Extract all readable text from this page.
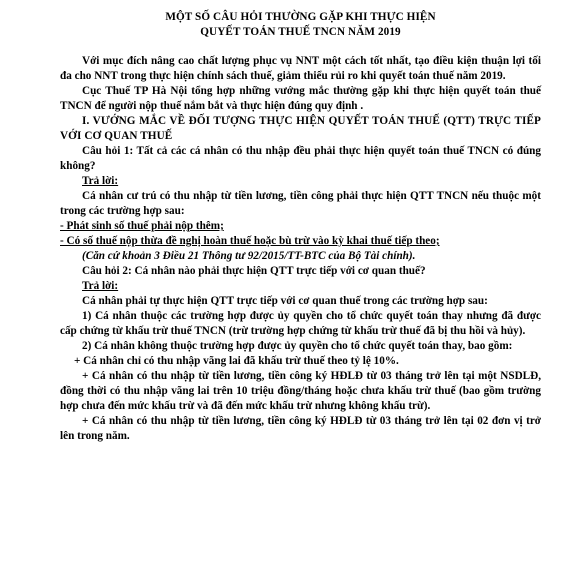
MỘT SỐ CÂU HỎI THƯỜNG GẶP KHI THỰC HIỆN
QUYẾT TOÁN THUẾ TNCN NĂM 2019

Với mục đích nâng cao chất lượng phục vụ NNT một cách tốt nhất, tạo điều kiện thuận lợi tối đa cho NNT trong thực hiện chính sách thuế, giảm thiểu rủi ro khi quyết toán thuế năm 2019.

Cục Thuế TP Hà Nội tổng hợp những vướng mắc thường gặp khi thực hiện quyết toán thuế TNCN để người nộp thuế nắm bắt và thực hiện đúng quy định .

I. VƯỚNG MẮC VỀ ĐỐI TƯỢNG THỰC HIỆN QUYẾT TOÁN THUẾ (QTT) TRỰC TIẾP VỚI CƠ QUAN THUẾ

Câu hỏi 1: Tất cả các cá nhân có thu nhập đều phải thực hiện quyết toán thuế TNCN có đúng không?

Trả lời:

Cá nhân cư trú có thu nhập từ tiền lương, tiền công phải thực hiện QTT TNCN nếu thuộc một trong các trường hợp sau:

- Phát sinh số thuế phải nộp thêm;

- Có số thuế nộp thừa đề nghị hoàn thuế hoặc bù trừ vào kỳ khai thuế tiếp theo;

(Căn cứ khoản 3 Điều 21 Thông tư 92/2015/TT-BTC của Bộ Tài chính).

Câu hỏi 2: Cá nhân nào phải thực hiện QTT trực tiếp với cơ quan thuế?

Trả lời:

Cá nhân phải tự thực hiện QTT trực tiếp với cơ quan thuế trong các trường hợp sau:

1) Cá nhân thuộc các trường hợp được ủy quyền cho tổ chức quyết toán thay nhưng đã được cấp chứng từ khấu trừ thuế TNCN (trừ trường hợp chứng từ khấu trừ thuế đã bị thu hồi và hủy).

2) Cá nhân không thuộc trường hợp được ủy quyền cho tổ chức quyết toán thay, bao gồm:

+ Cá nhân chỉ có thu nhập vãng lai đã khấu trừ thuế theo tỷ lệ 10%.

+ Cá nhân có thu nhập từ tiền lương, tiền công ký HĐLĐ từ 03 tháng trở lên tại một NSDLĐ, đồng thời có thu nhập vãng lai trên 10 triệu đồng/tháng hoặc chưa khấu trừ thuế (bao gồm trường hợp chưa đến mức khấu trừ và đã đến mức khấu trừ nhưng không khấu trừ).

+ Cá nhân có thu nhập từ tiền lương, tiền công ký HĐLĐ từ 03 tháng trở lên tại 02 đơn vị trở lên trong năm.
